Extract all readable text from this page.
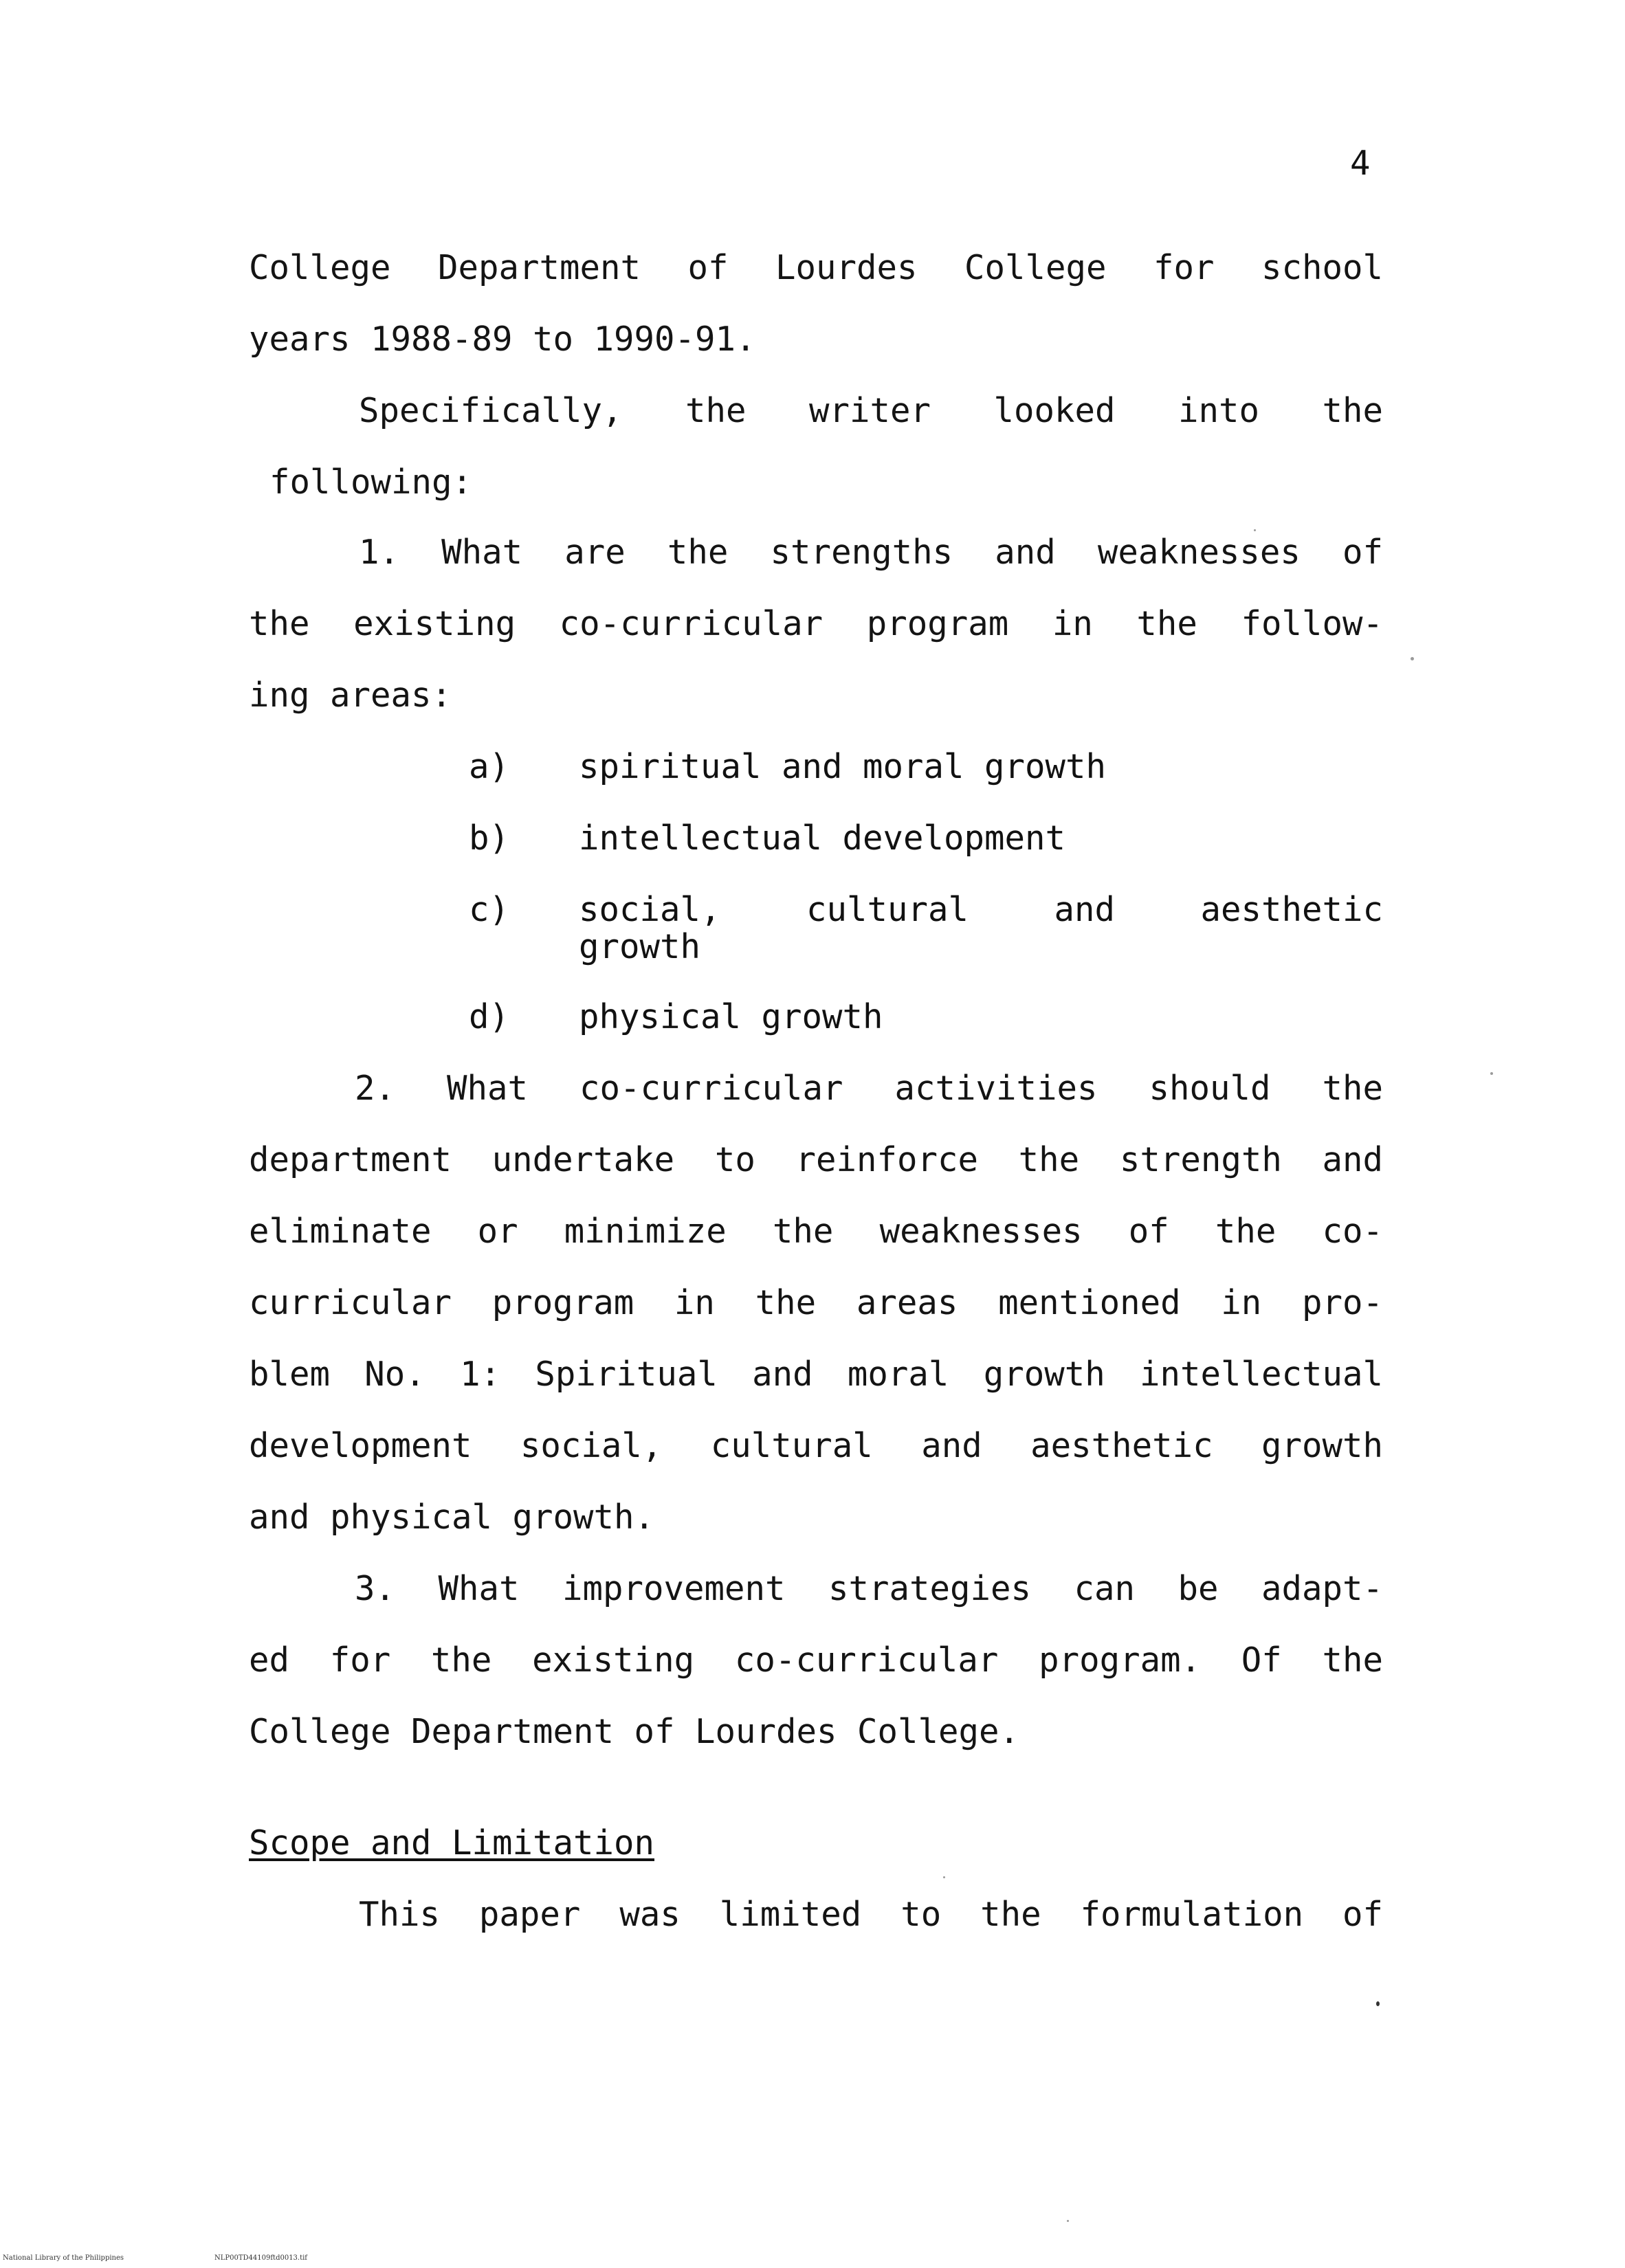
4
College Department of Lourdes College for school
years 1988-89 to 1990-91.
Specifically, the writer looked into the
following:
1. What are the strengths and weaknesses of
the existing co-curricular program in the follow-
ing areas:
a) spiritual and moral growth
b) intellectual development
c) social, cultural and aesthetic
growth
d) physical growth
2. What co-curricular activities should the
department undertake to reinforce the strength and
eliminate or minimize the weaknesses of the co-
curricular program in the areas mentioned in pro-
blem No. 1: Spiritual and moral growth intellectual
development social, cultural and aesthetic growth
and physical growth.
3. What improvement strategies can be adapt-
ed for the existing co-curricular program. Of the
College Department of Lourdes College.
Scope and Limitation
This paper was limited to the formulation of
National Library of the Philippines	NLP00TD44109ftd0013.tif
